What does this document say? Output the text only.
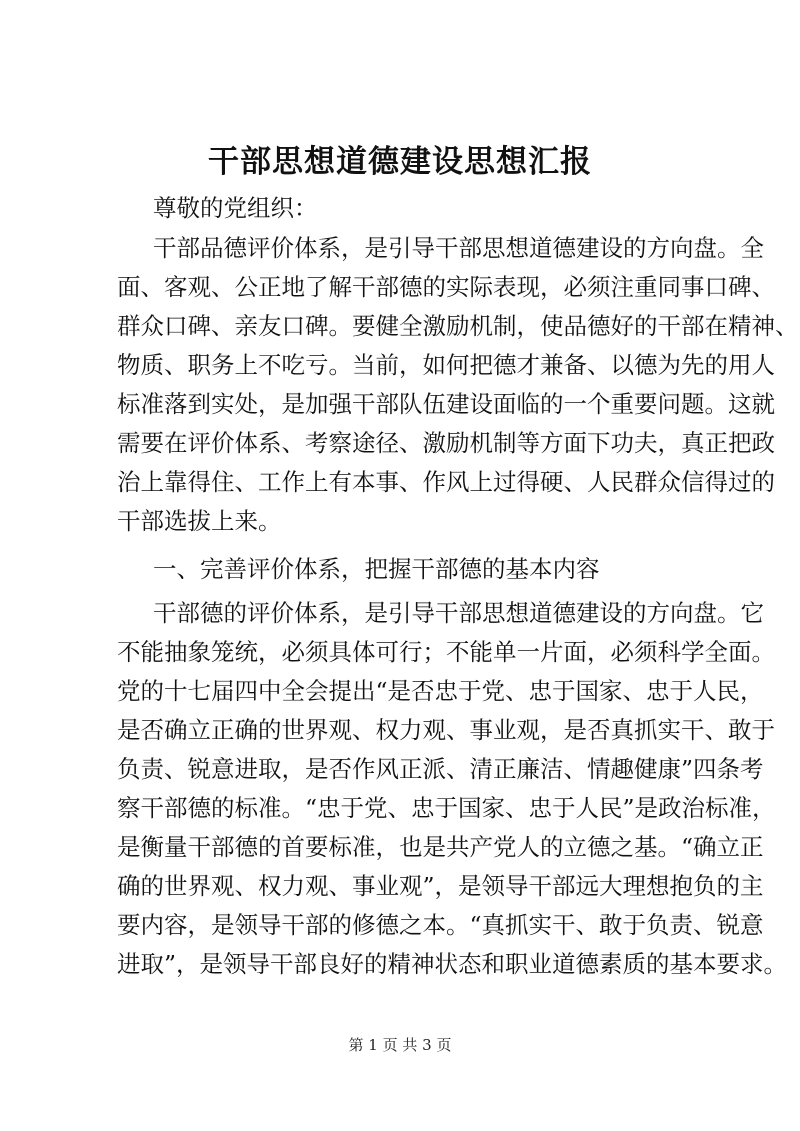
干部思想道德建设思想汇报
尊敬的党组织：
干部品德评价体系，是引导干部思想道德建设的方向盘。全
面、客观、公正地了解干部德的实际表现，必须注重同事口碑、
群众口碑、亲友口碑。要健全激励机制，使品德好的干部在精神、
物质、职务上不吃亏。当前，如何把德才兼备、以德为先的用人
标准落到实处，是加强干部队伍建设面临的一个重要问题。这就
需要在评价体系、考察途径、激励机制等方面下功夫，真正把政
治上靠得住、工作上有本事、作风上过得硬、人民群众信得过的
干部选拔上来。
一、完善评价体系，把握干部德的基本内容
干部德的评价体系，是引导干部思想道德建设的方向盘。它
不能抽象笼统，必须具体可行；不能单一片面，必须科学全面。
党的十七届四中全会提出“是否忠于党、忠于国家、忠于人民，
是否确立正确的世界观、权力观、事业观，是否真抓实干、敢于
负责、锐意进取，是否作风正派、清正廉洁、情趣健康”四条考
察干部德的标准。“忠于党、忠于国家、忠于人民”是政治标准，
是衡量干部德的首要标准，也是共产党人的立德之基。“确立正
确的世界观、权力观、事业观”，是领导干部远大理想抱负的主
要内容，是领导干部的修德之本。“真抓实干、敢于负责、锐意
进取”，是领导干部良好的精神状态和职业道德素质的基本要求。
第 1 页 共 3 页
